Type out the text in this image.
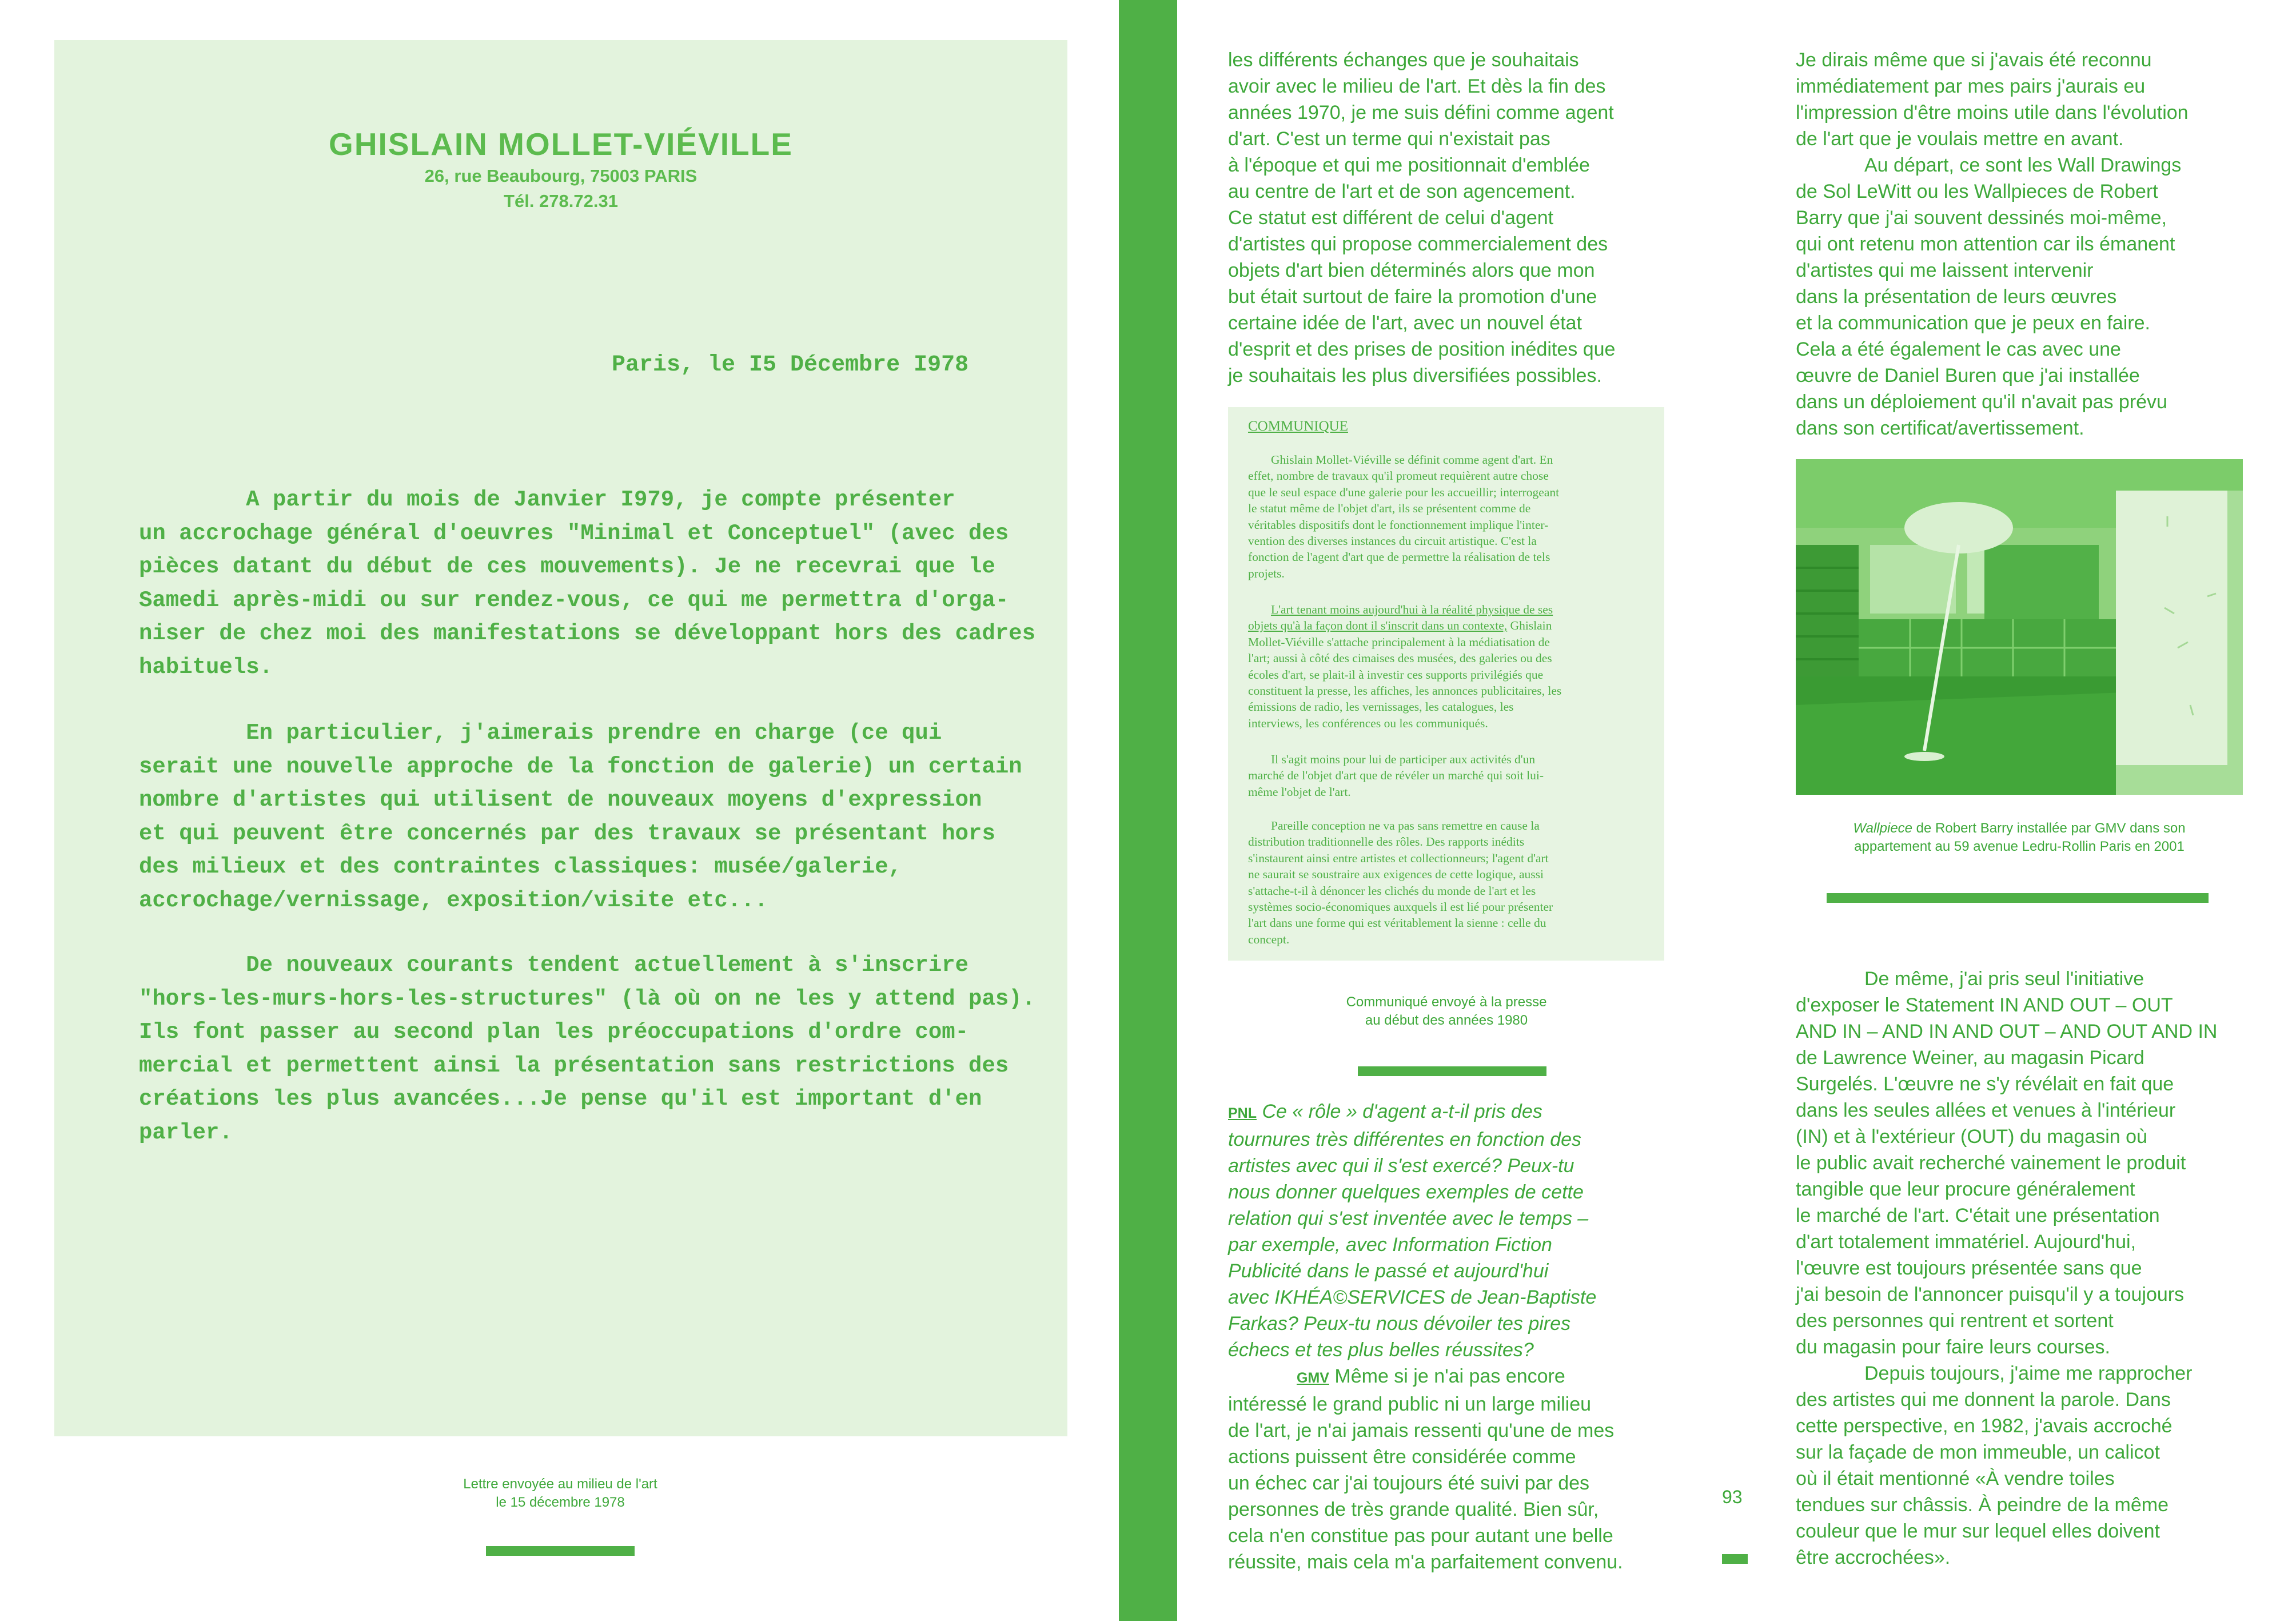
GHISLAIN MOLLET-VIÉVILLE
26, rue Beaubourg, 75003 PARIS
Tél. 278.72.31
Paris, le I5 Décembre I978
A partir du mois de Janvier I979, je compte présenter
un accrochage général d'oeuvres "Minimal et Conceptuel" (avec des
pièces datant du début de ces mouvements). Je ne recevrai que le
Samedi après-midi ou sur rendez-vous, ce qui me permettra d'orga-
niser de chez moi des manifestations se développant hors des cadres
habituels.
En particulier, j'aimerais prendre en charge (ce qui
serait une nouvelle approche de la fonction de galerie) un certain
nombre d'artistes qui utilisent de nouveaux moyens d'expression
et qui peuvent être concernés par des travaux se présentant hors
des milieux et des contraintes classiques: musée/galerie,
accrochage/vernissage, exposition/visite etc...
De nouveaux courants tendent actuellement à s'inscrire
"hors-les-murs-hors-les-structures" (là où on ne les y attend pas).
Ils font passer au second plan les préoccupations d'ordre com-
mercial et permettent ainsi la présentation sans restrictions des
créations les plus avancées...Je pense qu'il est important d'en
parler.
Lettre envoyée au milieu de l'art
le 15 décembre 1978
les différents échanges que je souhaitais
avoir avec le milieu de l'art. Et dès la fin des
années 1970, je me suis défini comme agent
d'art. C'est un terme qui n'existait pas
à l'époque et qui me positionnait d'emblée
au centre de l'art et de son agencement.
Ce statut est différent de celui d'agent
d'artistes qui propose commercialement des
objets d'art bien déterminés alors que mon
but était surtout de faire la promotion d'une
certaine idée de l'art, avec un nouvel état
d'esprit et des prises de position inédites que
je souhaitais les plus diversifiées possibles.
COMMUNIQUE
Ghislain Mollet-Viéville se définit comme agent d'art. En
effet, nombre de travaux qu'il promeut requièrent autre chose
que le seul espace d'une galerie pour les accueillir; interrogeant
le statut même de l'objet d'art, ils se présentent comme de
véritables dispositifs dont le fonctionnement implique l'inter-
vention des diverses instances du circuit artistique. C'est la
fonction de l'agent d'art que de permettre la réalisation de tels
projets.
L'art tenant moins aujourd'hui à la réalité physique de ses
objets qu'à la façon dont il s'inscrit dans un contexte, Ghislain
Mollet-Viéville s'attache principalement à la médiatisation de
l'art; aussi à côté des cimaises des musées, des galeries ou des
écoles d'art, se plait-il à investir ces supports privilégiés que
constituent la presse, les affiches, les annonces publicitaires, les
émissions de radio, les vernissages, les catalogues, les
interviews, les conférences ou les communiqués.
Il s'agit moins pour lui de participer aux activités d'un
marché de l'objet d'art que de révéler un marché qui soit lui-
même l'objet de l'art.
Pareille conception ne va pas sans remettre en cause la
distribution traditionnelle des rôles. Des rapports inédits
s'instaurent ainsi entre artistes et collectionneurs; l'agent d'art
ne saurait se soustraire aux exigences de cette logique, aussi
s'attache-t-il à dénoncer les clichés du monde de l'art et les
systèmes socio-économiques auxquels il est lié pour présenter
l'art dans une forme qui est véritablement la sienne : celle du
concept.
Communiqué envoyé à la presse
au début des années 1980
PNL Ce « rôle » d'agent a-t-il pris des
tournures très différentes en fonction des
artistes avec qui il s'est exercé? Peux-tu
nous donner quelques exemples de cette
relation qui s'est inventée avec le temps –
par exemple, avec Information Fiction
Publicité dans le passé et aujourd'hui
avec IKHÉA©SERVICES de Jean-Baptiste
Farkas? Peux-tu nous dévoiler tes pires
échecs et tes plus belles réussites?
GMV Même si je n'ai pas encore
intéressé le grand public ni un large milieu
de l'art, je n'ai jamais ressenti qu'une de mes
actions puissent être considérée comme
un échec car j'ai toujours été suivi par des
personnes de très grande qualité. Bien sûr,
cela n'en constitue pas pour autant une belle
réussite, mais cela m'a parfaitement convenu.
93
Je dirais même que si j'avais été reconnu
immédiatement par mes pairs j'aurais eu
l'impression d'être moins utile dans l'évolution
de l'art que je voulais mettre en avant.
Au départ, ce sont les Wall Drawings
de Sol LeWitt ou les Wallpieces de Robert
Barry que j'ai souvent dessinés moi-même,
qui ont retenu mon attention car ils émanent
d'artistes qui me laissent intervenir
dans la présentation de leurs œuvres
et la communication que je peux en faire.
Cela a été également le cas avec une
œuvre de Daniel Buren que j'ai installée
dans un déploiement qu'il n'avait pas prévu
dans son certificat/avertissement.
Wallpiece de Robert Barry installée par GMV dans son
appartement au 59 avenue Ledru-Rollin Paris en 2001
De même, j'ai pris seul l'initiative
d'exposer le Statement IN AND OUT – OUT
AND IN – AND IN AND OUT – AND OUT AND IN
de Lawrence Weiner, au magasin Picard
Surgelés. L'œuvre ne s'y révélait en fait que
dans les seules allées et venues à l'intérieur
(IN) et à l'extérieur (OUT) du magasin où
le public avait recherché vainement le produit
tangible que leur procure généralement
le marché de l'art. C'était une présentation
d'art totalement immatériel. Aujourd'hui,
l'œuvre est toujours présentée sans que
j'ai besoin de l'annoncer puisqu'il y a toujours
des personnes qui rentrent et sortent
du magasin pour faire leurs courses.
Depuis toujours, j'aime me rapprocher
des artistes qui me donnent la parole. Dans
cette perspective, en 1982, j'avais accroché
sur la façade de mon immeuble, un calicot
où il était mentionné «À vendre toiles
tendues sur châssis. À peindre de la même
couleur que le mur sur lequel elles doivent
être accrochées».
